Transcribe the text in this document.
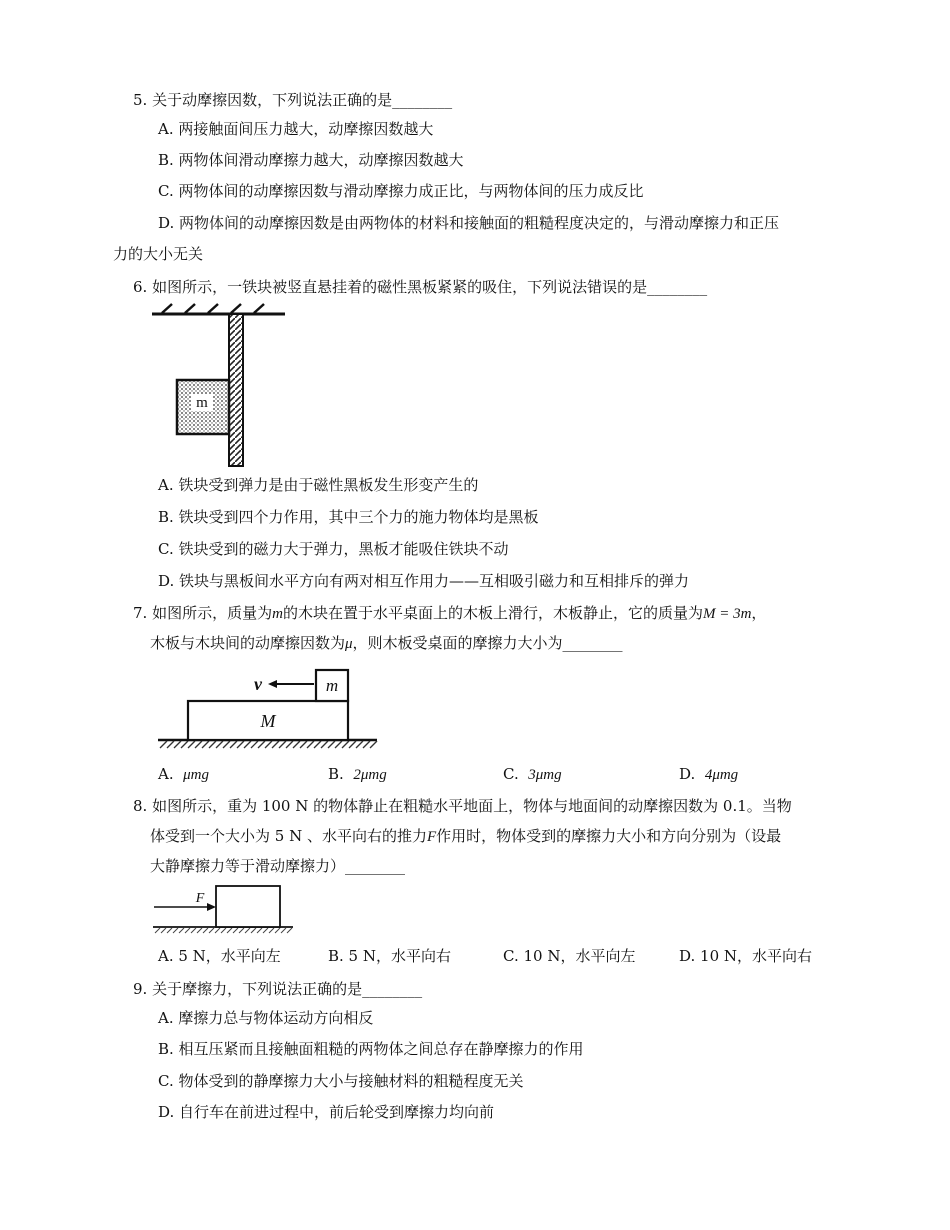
5. 关于动摩擦因数，下列说法正确的是________
A. 两接触面间压力越大，动摩擦因数越大
B. 两物体间滑动摩擦力越大，动摩擦因数越大
C. 两物体间的动摩擦因数与滑动摩擦力成正比，与两物体间的压力成反比
D. 两物体间的动摩擦因数是由两物体的材料和接触面的粗糙程度决定的，与滑动摩擦力和正压
力的大小无关
6. 如图所示，一铁块被竖直悬挂着的磁性黑板紧紧的吸住，下列说法错误的是________
m
A. 铁块受到弹力是由于磁性黑板发生形变产生的
B. 铁块受到四个力作用，其中三个力的施力物体均是黑板
C. 铁块受到的磁力大于弹力，黑板才能吸住铁块不动
D. 铁块与黑板间水平方向有两对相互作用力——互相吸引磁力和互相排斥的弹力
7. 如图所示，质量为m的木块在置于水平桌面上的木板上滑行，木板静止，它的质量为M = 3m，
木板与木块间的动摩擦因数为μ，则木板受桌面的摩擦力大小为________
M
m
v
A. μmg	B. 2μmg	C. 3μmg	D. 4μmg
8. 如图所示，重为 100 N 的物体静止在粗糙水平地面上，物体与地面间的动摩擦因数为 0.1。当物
体受到一个大小为 5 N 、水平向右的推力F作用时，物体受到的摩擦力大小和方向分别为（设最
大静摩擦力等于滑动摩擦力）________
F
A. 5 N，水平向左	B. 5 N，水平向右	C. 10 N，水平向左	D. 10 N，水平向右
9. 关于摩擦力，下列说法正确的是________
A. 摩擦力总与物体运动方向相反
B. 相互压紧而且接触面粗糙的两物体之间总存在静摩擦力的作用
C. 物体受到的静摩擦力大小与接触材料的粗糙程度无关
D. 自行车在前进过程中，前后轮受到摩擦力均向前
